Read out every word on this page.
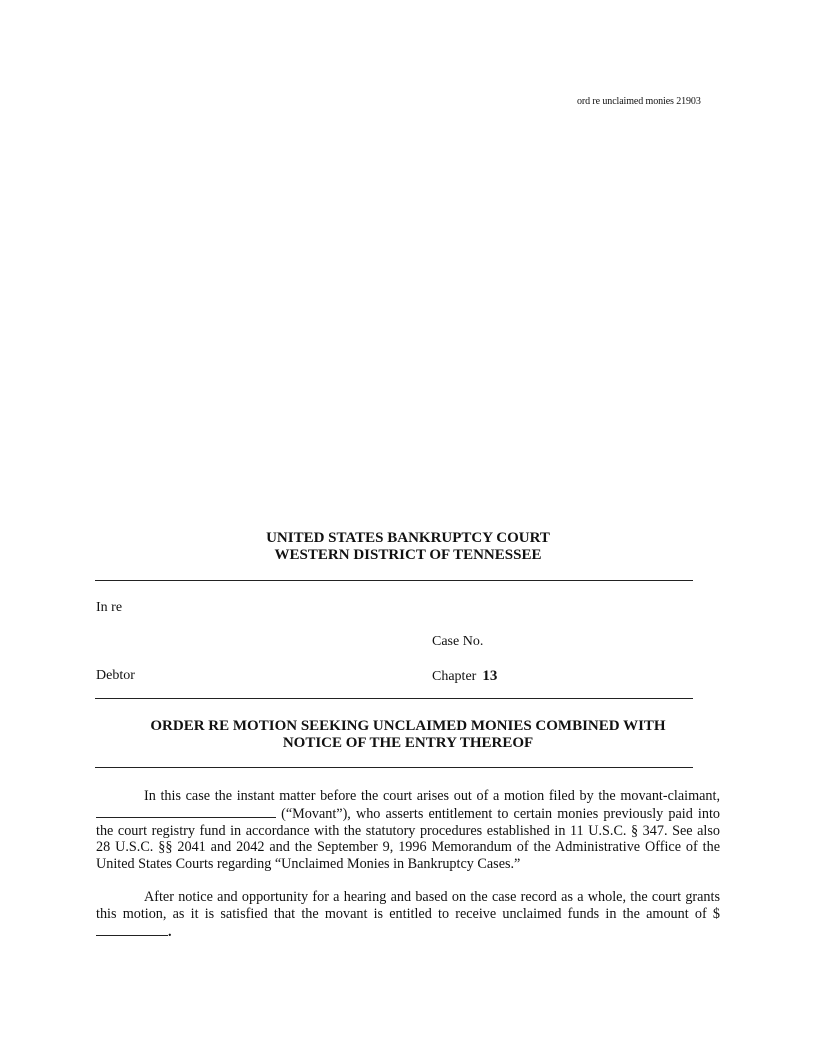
ord re unclaimed monies 21903
UNITED STATES BANKRUPTCY COURT
WESTERN DISTRICT OF TENNESSEE
In re
Case No.
Debtor	Chapter 13
ORDER RE MOTION SEEKING UNCLAIMED MONIES COMBINED WITH
NOTICE OF THE ENTRY THEREOF
In this case the instant matter before the court arises out of a motion filed by the movant-claimant, (“Movant”), who asserts entitlement to certain monies previously paid into the court registry fund in accordance with the statutory procedures established in 11 U.S.C. § 347. See also 28 U.S.C. §§ 2041 and 2042 and the September 9, 1996 Memorandum of the Administrative Office of the United States Courts regarding “Unclaimed Monies in Bankruptcy Cases.”
After notice and opportunity for a hearing and based on the case record as a whole, the court grants this motion, as it is satisfied that the movant is entitled to receive unclaimed funds in the amount of $.
